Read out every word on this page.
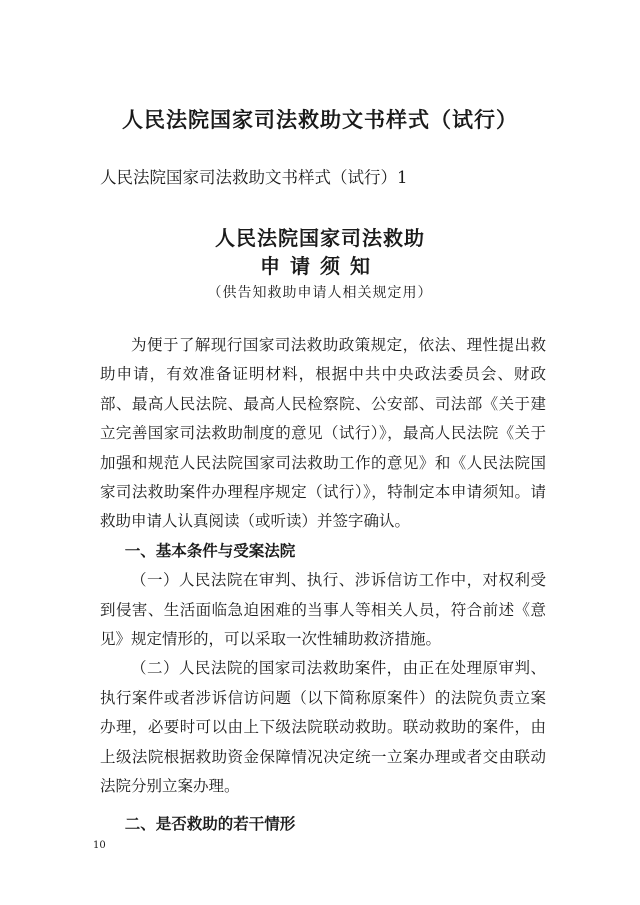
人民法院国家司法救助文书样式（试行）

人民法院国家司法救助文书样式（试行）1

人民法院国家司法救助
申请须知

（供告知救助申请人相关规定用）

为便于了解现行国家司法救助政策规定，依法、理性提出救助申请，有效准备证明材料，根据中共中央政法委员会、财政部、最高人民法院、最高人民检察院、公安部、司法部《关于建立完善国家司法救助制度的意见（试行）》，最高人民法院《关于加强和规范人民法院国家司法救助工作的意见》和《人民法院国家司法救助案件办理程序规定（试行）》，特制定本申请须知。请救助申请人认真阅读（或听读）并签字确认。

一、基本条件与受案法院

（一）人民法院在审判、执行、涉诉信访工作中，对权利受到侵害、生活面临急迫困难的当事人等相关人员，符合前述《意见》规定情形的，可以采取一次性辅助救济措施。

（二）人民法院的国家司法救助案件，由正在处理原审判、执行案件或者涉诉信访问题（以下简称原案件）的法院负责立案办理，必要时可以由上下级法院联动救助。联动救助的案件，由上级法院根据救助资金保障情况决定统一立案办理或者交由联动法院分别立案办理。

二、是否救助的若干情形

10
